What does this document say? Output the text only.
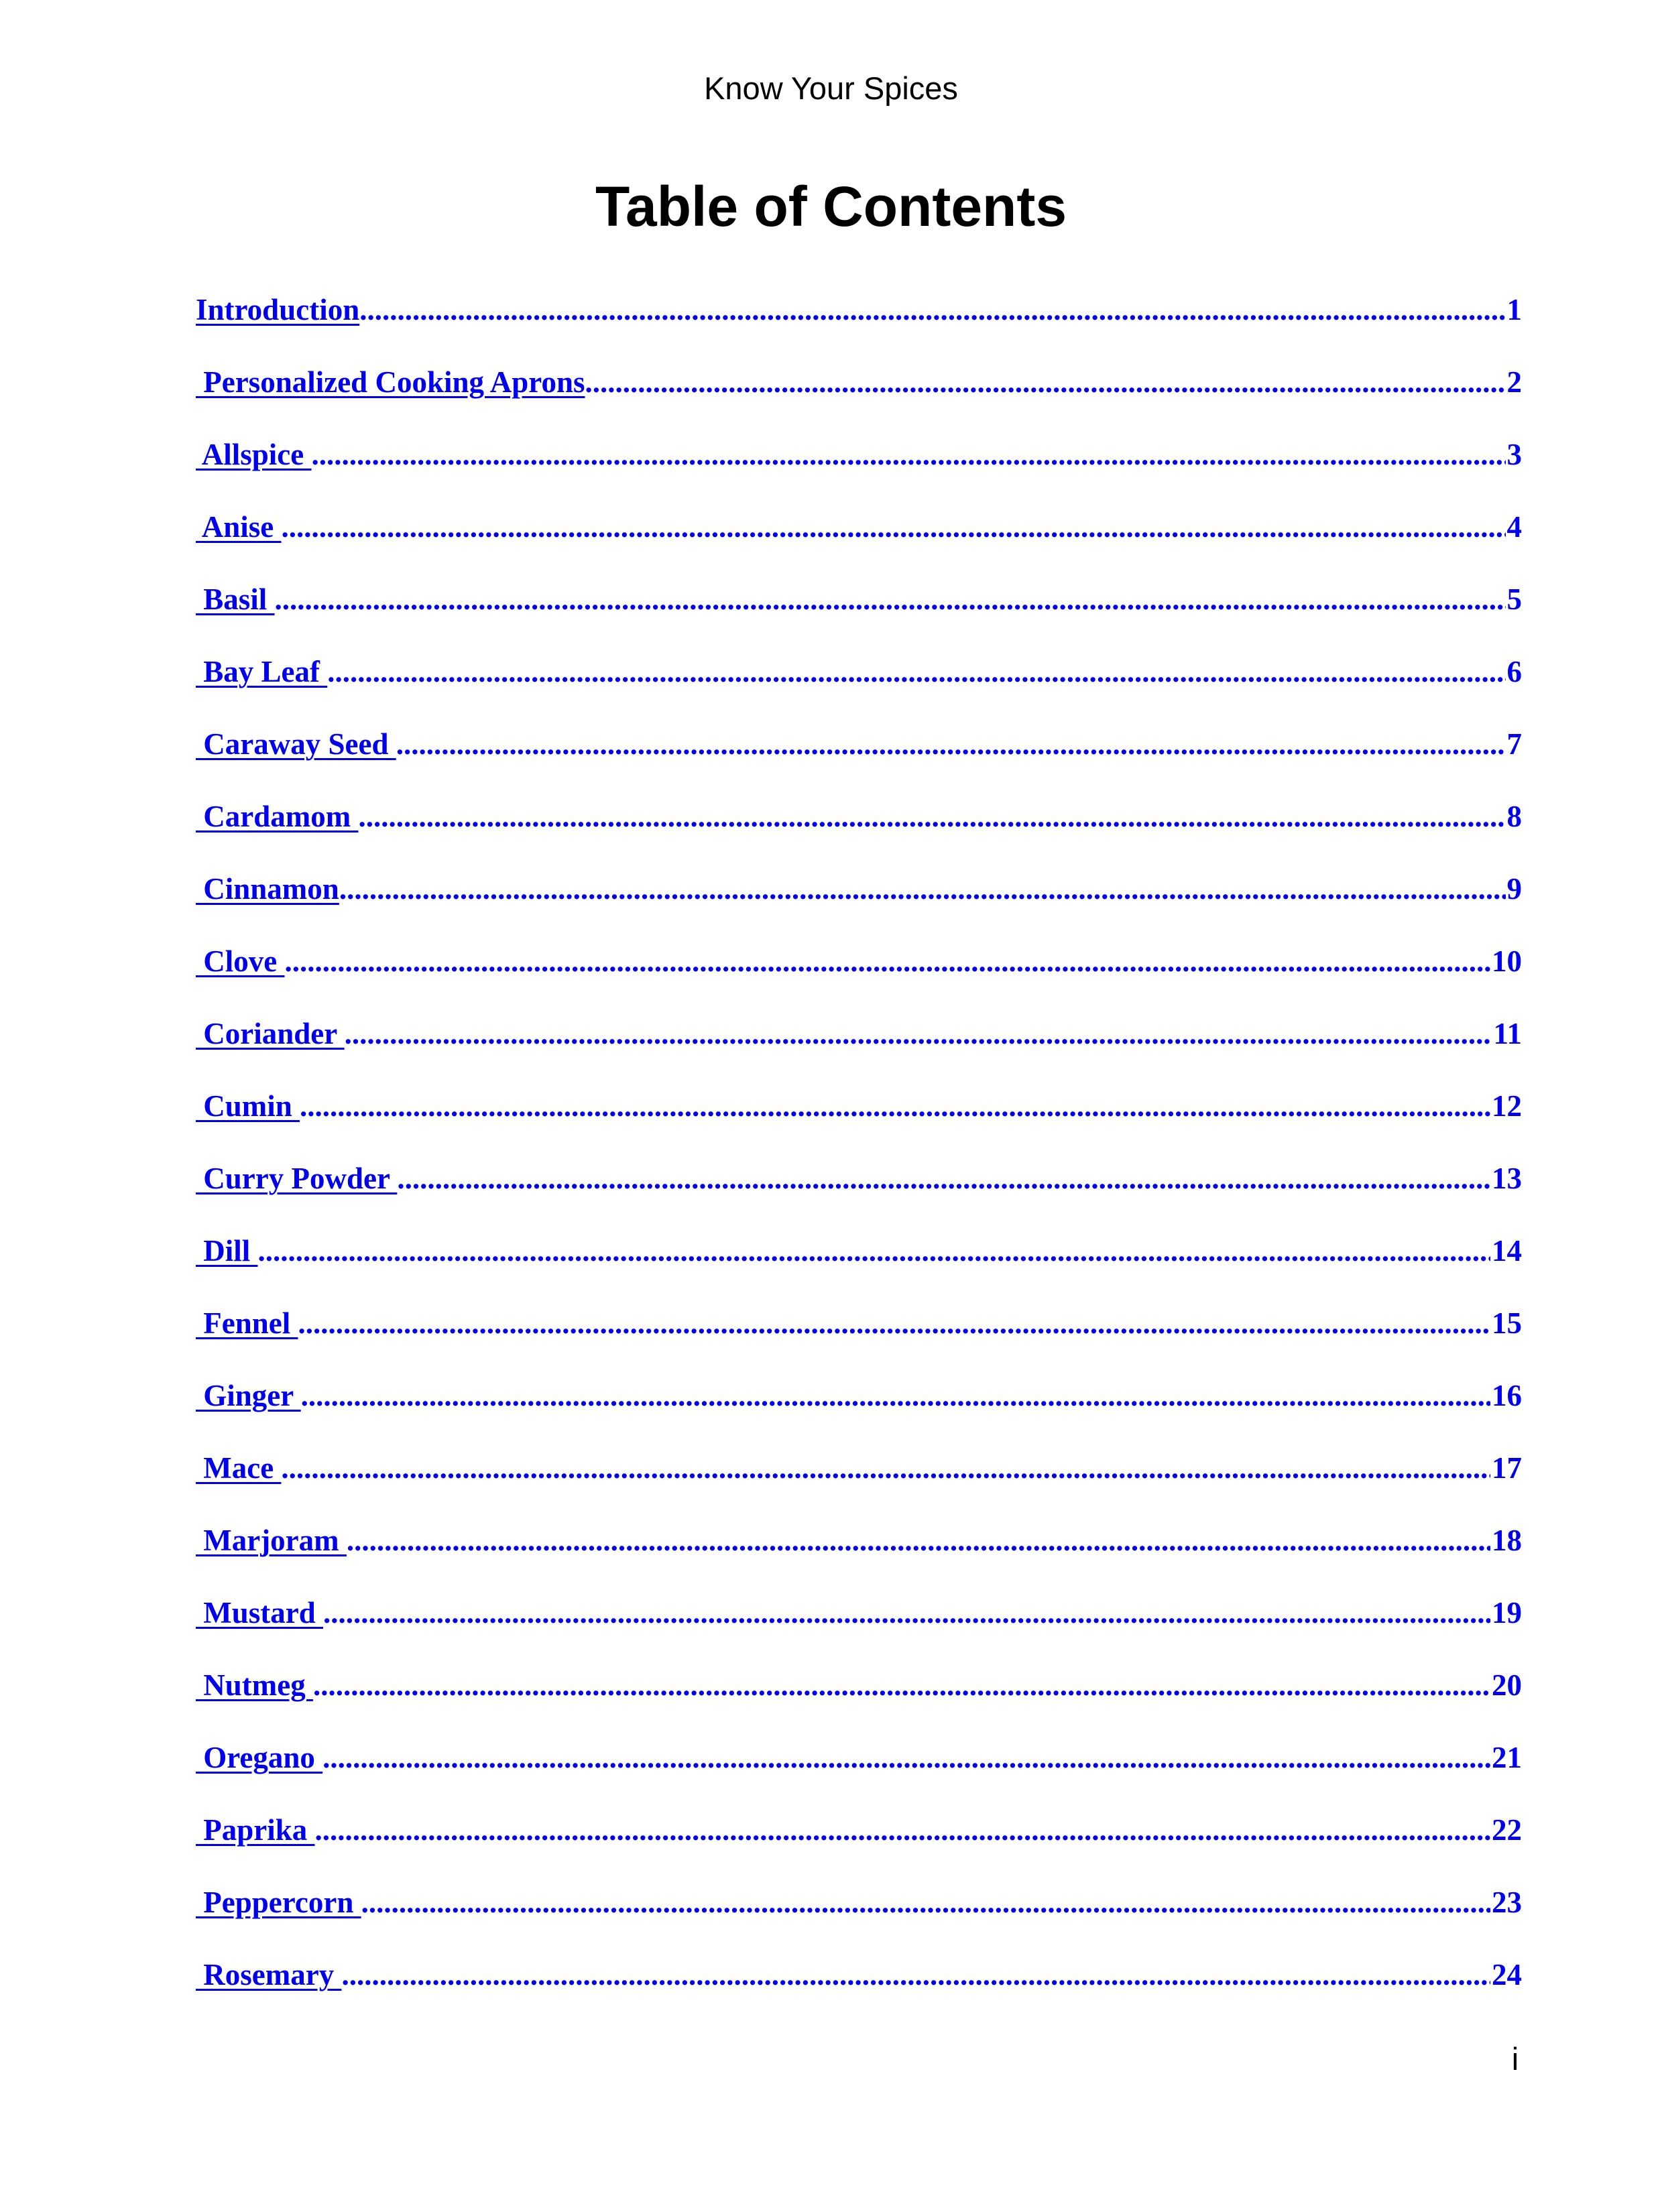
Know Your Spices
Table of Contents
Introduction .....	1
Personalized Cooking Aprons .....	2
Allspice .....	3
Anise .....	4
Basil .....	5
Bay Leaf .....	6
Caraway Seed .....	7
Cardamom .....	8
Cinnamon .....	9
Clove .....	10
Coriander .....	11
Cumin .....	12
Curry Powder .....	13
Dill .....	14
Fennel .....	15
Ginger .....	16
Mace .....	17
Marjoram .....	18
Mustard .....	19
Nutmeg .....	20
Oregano .....	21
Paprika .....	22
Peppercorn .....	23
Rosemary .....	24
i
